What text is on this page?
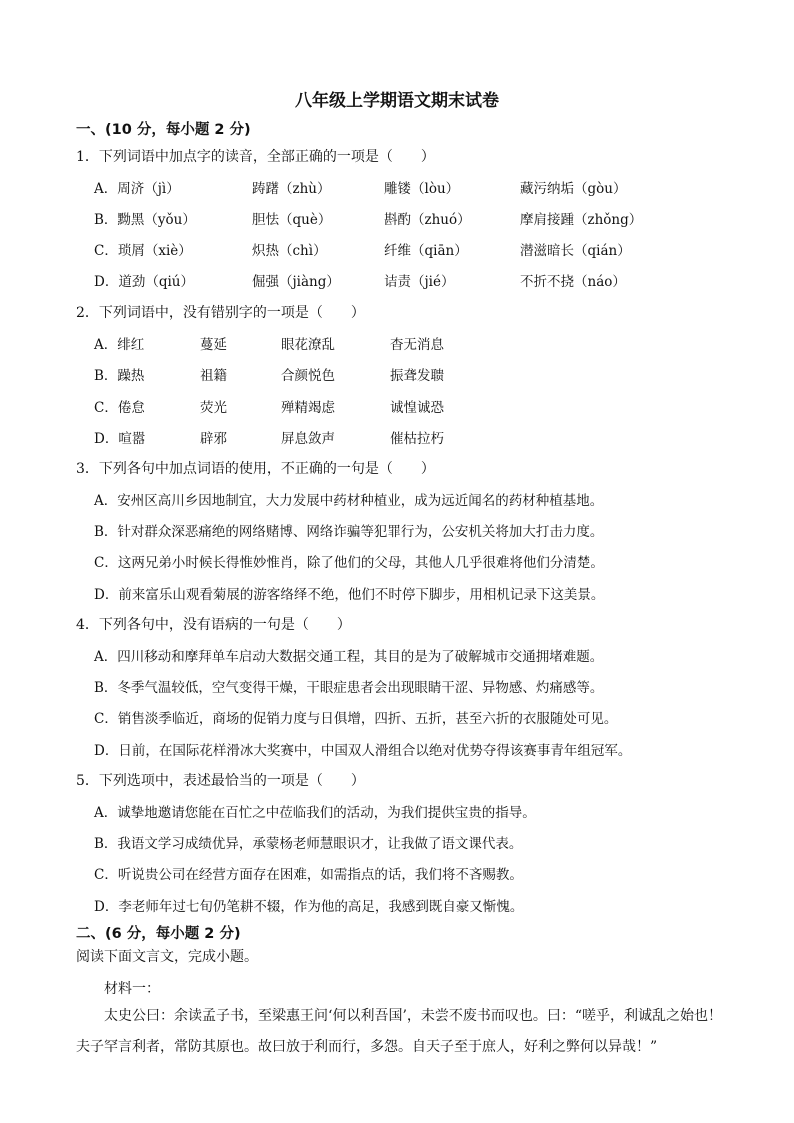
八年级上学期语文期末试卷
一、(10 分，每小题 2 分)
1．下列词语中加点字的读音，全部正确的一项是（　　）
A．周济（jì）	踌躇（zhù）	雕镂（lòu）	藏污纳垢（gòu）
B．黝黑（yǒu）	胆怯（què）	斟酌（zhuó）	摩肩接踵（zhǒng）
C．琐屑（xiè）	炽热（chì）	纤维（qiān）	潜滋暗长（qián）
D．道劲（qiú）	倔强（jiàng）	诘责（jié）	不折不挠（náo）
2．下列词语中，没有错别字的一项是（　　）
A．绯红	蔓延	眼花潦乱	杳无消息
B．躁热	祖籍	合颜悦色	振聋发聩
C．倦怠	荧光	殚精竭虑	诚惶诚恐
D．喧嚣	辟邪	屏息敛声	催枯拉朽
3．下列各句中加点词语的使用，不正确的一句是（　　）
A．安州区高川乡因地制宜，大力发展中药材种植业，成为远近闻名的药材种植基地。
B．针对群众深恶痛绝的网络赌博、网络诈骗等犯罪行为，公安机关将加大打击力度。
C．这两兄弟小时候长得惟妙惟肖，除了他们的父母，其他人几乎很难将他们分清楚。
D．前来富乐山观看菊展的游客络绎不绝，他们不时停下脚步，用相机记录下这美景。
4．下列各句中，没有语病的一句是（　　）
A．四川移动和摩拜单车启动大数据交通工程，其目的是为了破解城市交通拥堵难题。
B．冬季气温较低，空气变得干燥，干眼症患者会出现眼睛干涩、异物感、灼痛感等。
C．销售淡季临近，商场的促销力度与日俱增，四折、五折，甚至六折的衣服随处可见。
D．日前，在国际花样滑冰大奖赛中，中国双人滑组合以绝对优势夺得该赛事青年组冠军。
5．下列选项中，表述最恰当的一项是（　　）
A．诚挚地邀请您能在百忙之中莅临我们的活动，为我们提供宝贵的指导。
B．我语文学习成绩优异，承蒙杨老师慧眼识才，让我做了语文课代表。
C．听说贵公司在经营方面存在困难，如需指点的话，我们将不吝赐教。
D．李老师年过七旬仍笔耕不辍，作为他的高足，我感到既自豪又惭愧。
二、(6 分，每小题 2 分)
阅读下面文言文，完成小题。
材料一：
太史公曰：余读孟子书，至梁惠王问‘何以利吾国’，未尝不废书而叹也。曰：“嗟乎，利诚乱之始也！夫子罕言利者，常防其原也。故曰放于利而行，多怨。自天子至于庶人，好利之弊何以异哉！”
